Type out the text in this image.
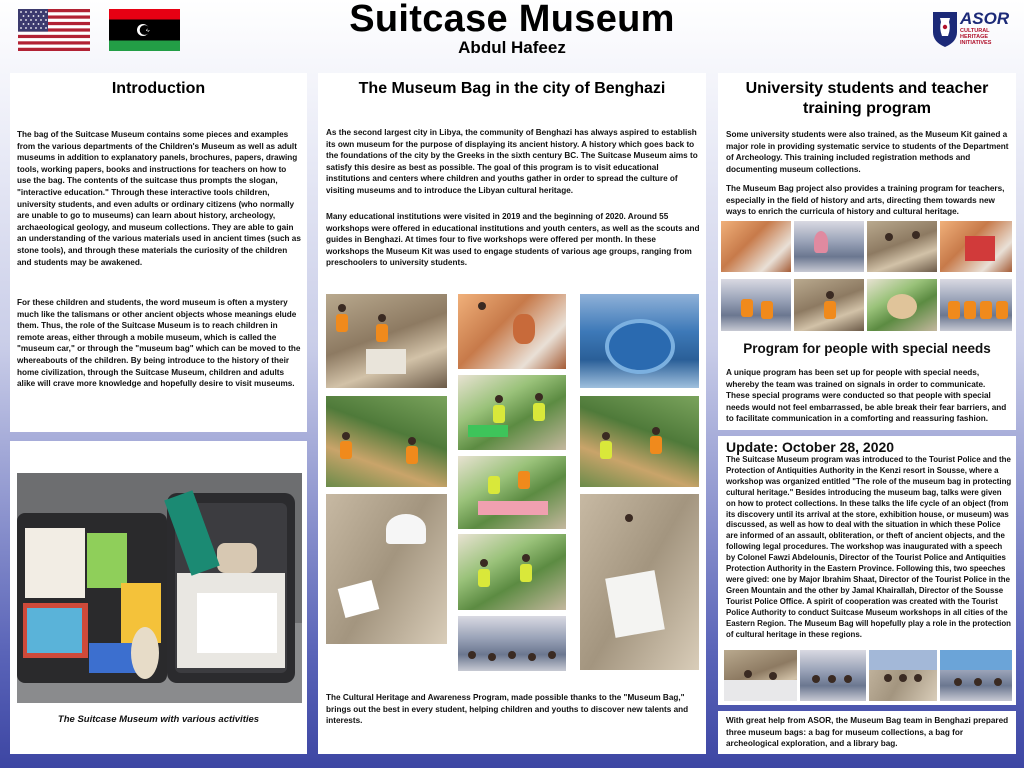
Suitcase Museum
Abdul Hafeez
ASOR
CULTURAL
HERITAGE
INITIATIVES
Introduction

The bag of the Suitcase Museum contains some pieces and examples from the various departments of the Children's Museum as well as adult museums in addition to explanatory panels, brochures, papers, drawing tools, working papers, books and instructions for teachers on how to use the bag. The contents of the suitcase thus prompts the slogan, "interactive education." Through these interactive tools children, university students, and even adults or ordinary citizens (who normally are unable to go to museums) can learn about history, archeology, archaeological geology, and museum collections. They are able to gain an understanding of the various materials used in ancient times (such as stone tools), and through these materials the curiosity of the children and students may be awakened.

For these children and students, the word museum is often a mystery much like the talismans or other ancient objects whose meanings elude them. Thus, the role of the Suitcase Museum is to reach children in remote areas, either through a mobile museum, which is called the "museum car," or through the "museum bag" which can be moved to the whereabouts of the children. By being introduce to the history of their home civilization, through the Suitcase Museum, children and adults alike will crave more knowledge and hopefully desire to visit museums.

The Suitcase Museum with various activities
The Museum Bag in the city of Benghazi

As the second largest city in Libya, the community of Benghazi has always aspired to establish its own museum for the purpose of displaying its ancient history. A history which goes back to the foundations of the city by the Greeks in the sixth century BC. The Suitcase Museum aims to satisfy this desire as best as possible. The goal of this program is to visit educational institutions and centers where children and youths gather in order to spread the culture of visiting museums and to introduce the Libyan cultural heritage.

Many educational institutions were visited in 2019 and the beginning of 2020. Around 55 workshops were offered in educational institutions and youth centers, as well as the scouts and guides in Benghazi. At times four to five workshops were offered per month. In these workshops the Museum Kit was used to engage students of various age groups, ranging from preschoolers to university students.

The Cultural Heritage and Awareness Program, made possible thanks to the "Museum Bag," brings out the best in every student, helping children and youths to discover new talents and interests.

University students and teacher training program

Some university students were also trained, as the Museum Kit gained a major role in providing systematic service to students of the Department of Archeology. This training included registration methods and documenting museum collections.

The Museum Bag project also provides a training program for teachers, especially in the field of history and arts, directing them towards new ways to enrich the curricula of history and cultural heritage.

Program for people with special needs

A unique program has been set up for people with special needs, whereby the team was trained on signals in order to communicate. These special programs were conducted so that people with special needs would not feel embarrassed, be able break their fear barriers, and to facilitate communication in a comforting and reassuring fashion.

Update: October 28, 2020

The Suitcase Museum program was introduced to the Tourist Police and the Protection of Antiquities Authority in the Kenzi resort in Sousse, where a workshop was organized entitled "The role of the museum bag in protecting cultural heritage." Besides introducing the museum bag, talks were given on how to protect collections. In these talks the life cycle of an object (from its discovery until its arrival at the store, exhibition house, or museum) was discussed, as well as how to deal with the situation in which these Police are informed of an assault, obliteration, or theft of ancient objects, and the following legal procedures. The workshop was inaugurated with a speech by Colonel Fawzi Abdelounis, Director of the Tourist Police and Antiquities Protection Authority in the Eastern Province. Following this, two speeches were gived: one by Major Ibrahim Shaat, Director of the Tourist Police in the Green Mountain and the other by Jamal Khairallah, Director of the Sousse Tourist Police Office. A spirit of cooperation was created with the Tourist Police Authority to conduct Suitcase Museum workshops in all cities of the Eastern Region. The Museum Bag will hopefully play a role in the protection of cultural heritage in these regions.

With great help from ASOR, the Museum Bag team in Benghazi prepared three museum bags: a bag for museum collections, a bag for archeological exploration, and a library bag.
